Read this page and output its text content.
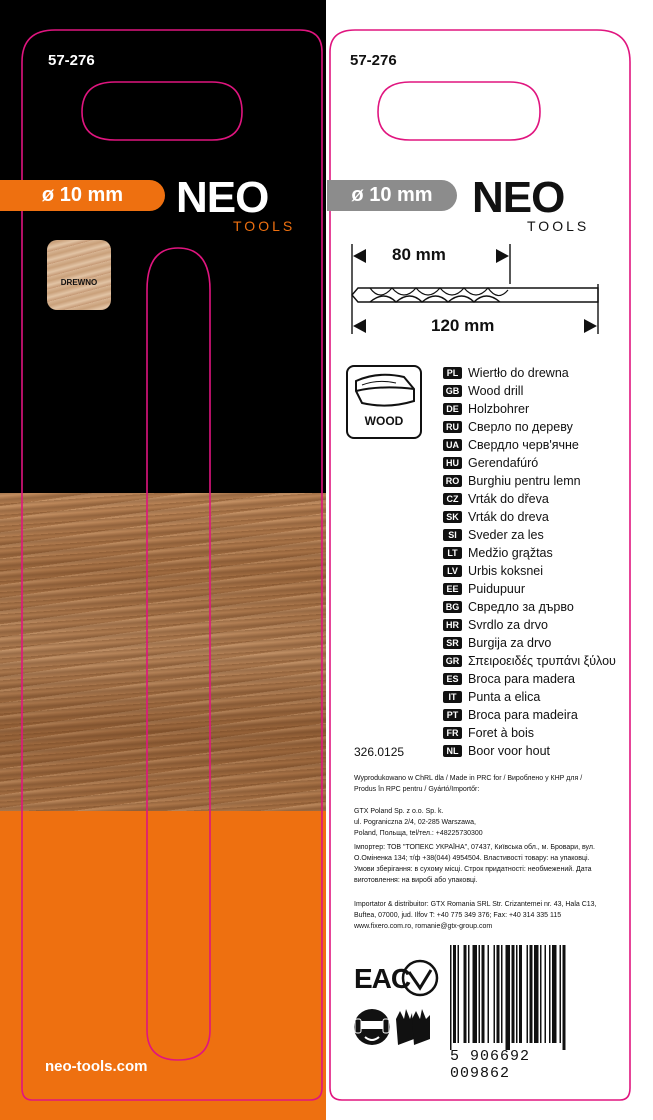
57-276
ø 10 mm	NEO
TOOLS
DREWNO
neo-tools.com
57-276
ø 10 mm NEO
TOOLS
80 mm
120 mm
WOOD
PL Wiertło do drewna
GB Wood drill
DE Holzbohrer
RU Сверло по дереву
UA Свердло черв'ячне
HU Gerendafúró
RO Burghiu pentru lemn
CZ Vrták do dřeva
SK Vrták do dreva
SI Sveder za les
LT Medžio grąžtas
LV Urbis koksnei
EE Puidupuur
BG Свредло за дърво
HR Svrdlo za drvo
SR Burgija za drvo
GR Σπειροειδές τρυπάνι ξύλου
ES Broca para madera
IT Punta a elica
PT Broca para madeira
FR Foret à bois
NL Boor voor hout
326.0125
Wyprodukowano w ChRL dla / Made in PRC for / Вироблено у КНР для / Produs în RPC pentru / Gyártó/Importőr:
GTX Poland Sp. z o.o. Sp. k.
ul. Pograniczna 2/4, 02-285 Warszawa,
Poland, Польща, tel/тел.: +48225730300
Імпортер: ТОВ "ТОПЕКС УКРАЇНА", 07437, Київська обл., м. Бровари, вул. О.Оміненка 134; т/ф +38(044) 4954504. Властивості товару: на упаковці. Умови зберігання: в сухому місці. Строк придатності: необмежений. Дата виготовлення: на виробі або упаковці.
Importator & distribuitor: GTX Romania SRL Str. Crizantemei nr. 43, Hala C13, Buftea, 07000, jud. Ilfov T: +40 775 349 376; Fax: +40 314 335 115 www.fixero.com.ro, romanie@gtx-group.com
EAC
5 906692 009862
